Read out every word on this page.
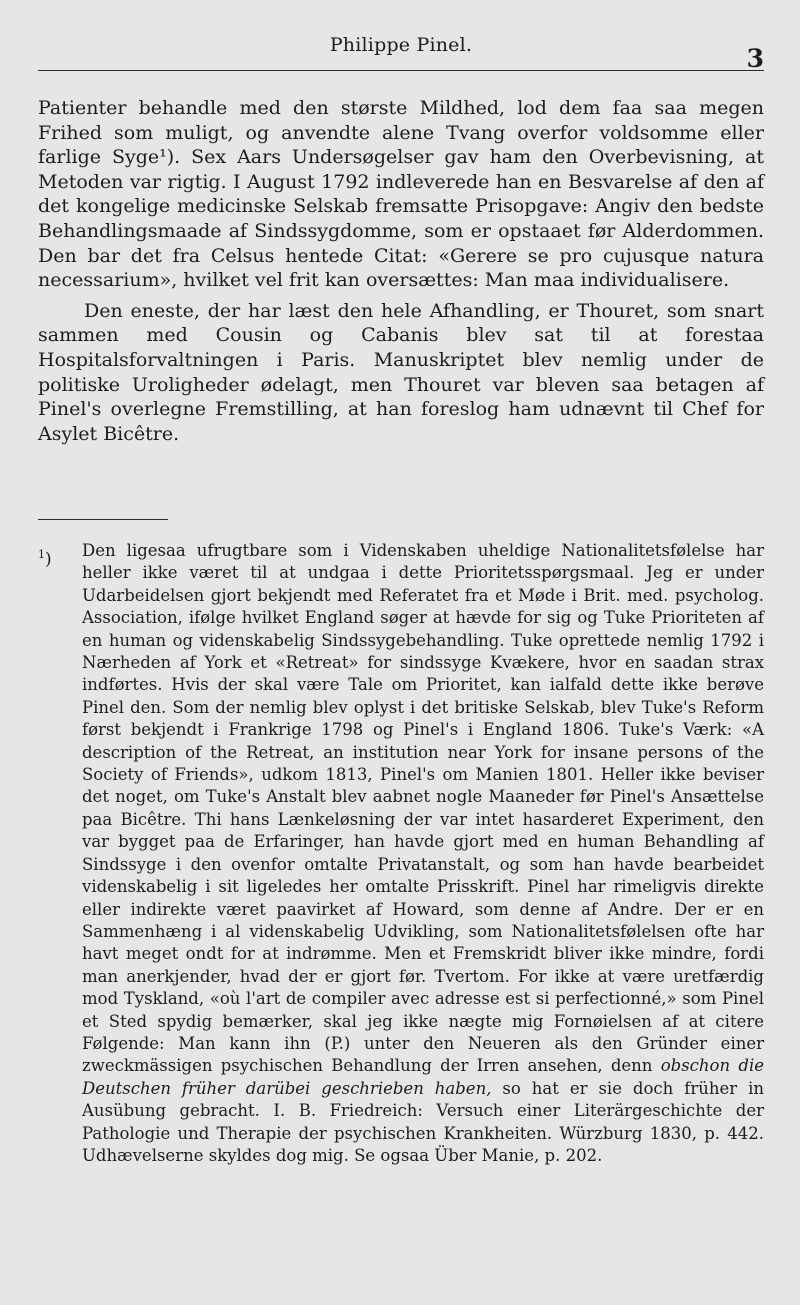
Philippe Pinel.	3

Patienter behandle med den største Mildhed, lod dem faa saa megen Frihed som muligt, og anvendte alene Tvang overfor voldsomme eller farlige Syge¹). Sex Aars Undersøgelser gav ham den Overbevisning, at Metoden var rigtig. I August 1792 indleverede han en Besvarelse af den af det kongelige medicinske Selskab fremsatte Prisopgave: Angiv den bedste Behandlingsmaade af Sindssygdomme, som er opstaaet før Alderdommen. Den bar det fra Celsus hentede Citat: «Gerere se pro cujusque natura necessarium», hvilket vel frit kan oversættes: Man maa individualisere.

Den eneste, der har læst den hele Afhandling, er Thouret, som snart sammen med Cousin og Cabanis blev sat til at forestaa Hospitalsforvaltningen i Paris. Manuskriptet blev nemlig under de politiske Uroligheder ødelagt, men Thouret var bleven saa betagen af Pinel's overlegne Fremstilling, at han foreslog ham udnævnt til Chef for Asylet Bicêtre.

$^1$) Den ligesaa ufrugtbare som i Videnskaben uheldige Nationalitetsfølelse har heller ikke været til at undgaa i dette Prioritetsspørgsmaal. Jeg er under Udarbeidelsen gjort bekjendt med Referatet fra et Møde i Brit. med. psycholog. Association, ifølge hvilket England søger at hævde for sig og Tuke Prioriteten af en human og videnskabelig Sindssygebehandling. Tuke oprettede nemlig 1792 i Nærheden af York et «Retreat» for sindssyge Kvækere, hvor en saadan strax indførtes. Hvis der skal være Tale om Prioritet, kan ialfald dette ikke berøve Pinel den. Som der nemlig blev oplyst i det britiske Selskab, blev Tuke's Reform først bekjendt i Frankrige 1798 og Pinel's i England 1806. Tuke's Værk: «A description of the Retreat, an institution near York for insane persons of the Society of Friends», udkom 1813, Pinel's om Manien 1801. Heller ikke beviser det noget, om Tuke's Anstalt blev aabnet nogle Maaneder før Pinel's Ansættelse paa Bicêtre. Thi hans Lænkeløsning der var intet hasarderet Experiment, den var bygget paa de Erfaringer, han havde gjort med en human Behandling af Sindssyge i den ovenfor omtalte Privatanstalt, og som han havde bearbeidet videnskabelig i sit ligeledes her omtalte Prisskrift. Pinel har rimeligvis direkte eller indirekte været paavirket af Howard, som denne af Andre. Der er en Sammenhæng i al videnskabelig Udvikling, som Nationalitetsfølelsen ofte har havt meget ondt for at indrømme. Men et Fremskridt bliver ikke mindre, fordi man anerkjender, hvad der er gjort før. Tvertom. For ikke at være uretfærdig mod Tyskland, «où l'art de compiler avec adresse est si perfectionné,» som Pinel et Sted spydig bemærker, skal jeg ikke nægte mig Fornøielsen af at citere Følgende: Man kann ihn (P.) unter den Neueren als den Gründer einer zweckmässigen psychischen Behandlung der Irren ansehen, denn obschon die Deutschen früher darübei geschrieben haben, so hat er sie doch früher in Ausübung gebracht. I. B. Friedreich: Versuch einer Literärgeschichte der Pathologie und Therapie der psychischen Krankheiten. Würzburg 1830, p. 442. Udhævelserne skyldes dog mig. Se ogsaa Über Manie, p. 202.
